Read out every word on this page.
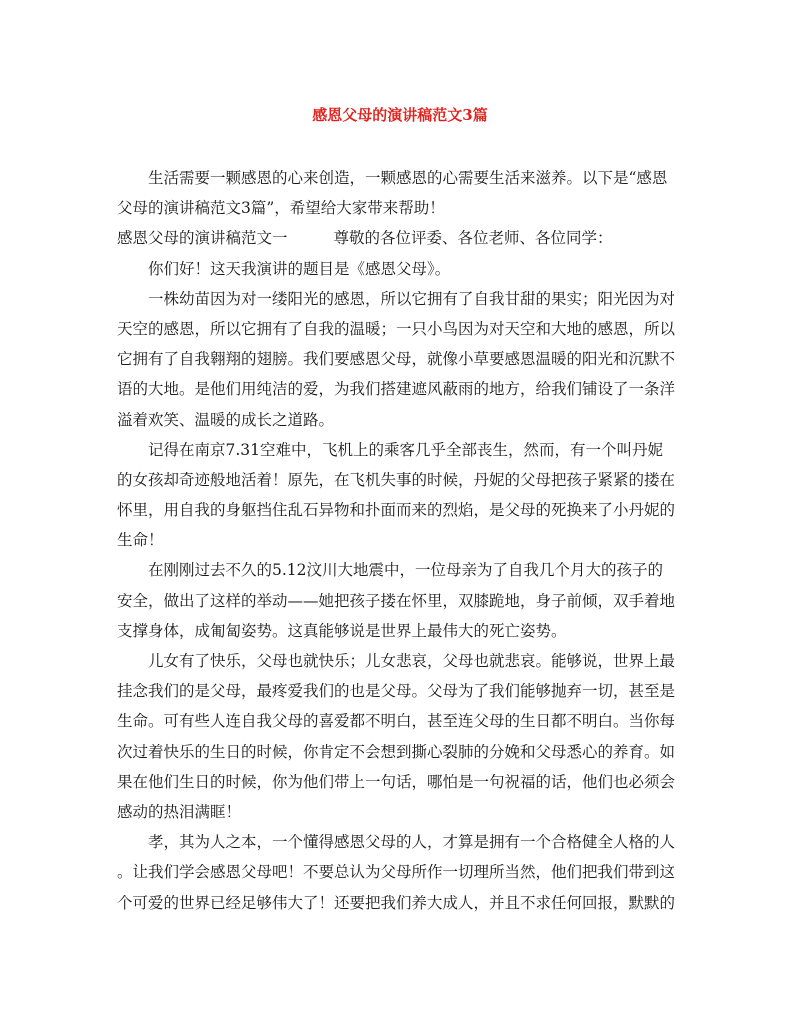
感恩父母的演讲稿范文3篇
生活需要一颗感恩的心来创造，一颗感恩的心需要生活来滋养。以下是“感恩
父母的演讲稿范文3篇”，希望给大家带来帮助！
感恩父母的演讲稿范文一	尊敬的各位评委、各位老师、各位同学：
你们好！这天我演讲的题目是《感恩父母》。
一株幼苗因为对一缕阳光的感恩，所以它拥有了自我甘甜的果实；阳光因为对
天空的感恩，所以它拥有了自我的温暖；一只小鸟因为对天空和大地的感恩，所以
它拥有了自我翱翔的翅膀。我们要感恩父母，就像小草要感恩温暖的阳光和沉默不
语的大地。是他们用纯洁的爱，为我们搭建遮风蔽雨的地方，给我们铺设了一条洋
溢着欢笑、温暖的成长之道路。
记得在南京7.31空难中，飞机上的乘客几乎全部丧生，然而，有一个叫丹妮
的女孩却奇迹般地活着！原先，在飞机失事的时候，丹妮的父母把孩子紧紧的搂在
怀里，用自我的身躯挡住乱石异物和扑面而来的烈焰，是父母的死换来了小丹妮的
生命！
在刚刚过去不久的5.12汶川大地震中，一位母亲为了自我几个月大的孩子的
安全，做出了这样的举动——她把孩子搂在怀里，双膝跪地，身子前倾，双手着地
支撑身体，成匍匐姿势。这真能够说是世界上最伟大的死亡姿势。
儿女有了快乐，父母也就快乐；儿女悲哀，父母也就悲哀。能够说，世界上最
挂念我们的是父母，最疼爱我们的也是父母。父母为了我们能够抛弃一切，甚至是
生命。可有些人连自我父母的喜爱都不明白，甚至连父母的生日都不明白。当你每
次过着快乐的生日的时候，你肯定不会想到撕心裂肺的分娩和父母悉心的养育。如
果在他们生日的时候，你为他们带上一句话，哪怕是一句祝福的话，他们也必须会
感动的热泪满眶！
孝，其为人之本，一个懂得感恩父母的人，才算是拥有一个合格健全人格的人
。让我们学会感恩父母吧！不要总认为父母所作一切理所当然，他们把我们带到这
个可爱的世界已经足够伟大了！还要把我们养大成人，并且不求任何回报，默默的
